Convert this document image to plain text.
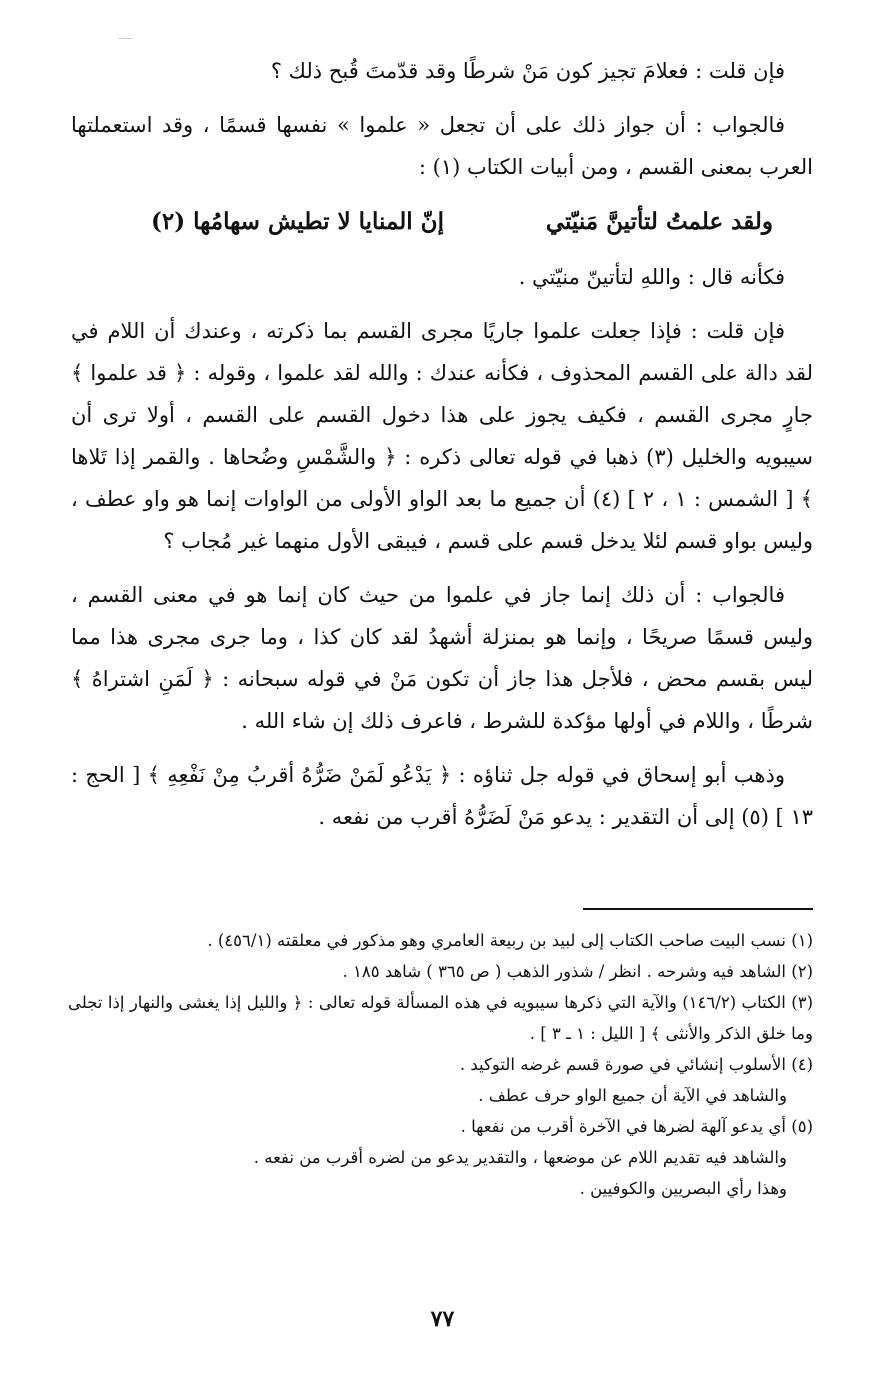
فإن قلت : فعلامَ تجيز كون مَنْ شرطًا وقد قدّمتَ قُبح ذلك ؟

فالجواب : أن جواز ذلك على أن تجعل « علموا » نفسها قسمًا ، وقد استعملتها العرب بمعنى القسم ، ومن أبيات الكتاب (١) :

ولقد علمتُ لتأتينَّ مَنيّتي
إنّ المنايا لا تطيش سهامُها (٢)

فكأنه قال : واللهِ لتأتينّ منيّتي .

فإن قلت : فإذا جعلت علموا جاريًا مجرى القسم بما ذكرته ، وعندك أن اللام في لقد دالة على القسم المحذوف ، فكأنه عندك : والله لقد علموا ، وقوله : ﴿ قد علموا ﴾ جارٍ مجرى القسم ، فكيف يجوز على هذا دخول القسم على القسم ، أولا ترى أن سيبويه والخليل (٣) ذهبا في قوله تعالى ذكره : ﴿ والشَّمْسِ وضُحاها . والقمر إذا تَلاها ﴾ [ الشمس : ١ ، ٢ ] (٤) أن جميع ما بعد الواو الأولى من الواوات إنما هو واو عطف ، وليس بواو قسم لئلا يدخل قسم على قسم ، فيبقى الأول منهما غير مُجاب ؟

فالجواب : أن ذلك إنما جاز في علموا من حيث كان إنما هو في معنى القسم ، وليس قسمًا صريحًا ، وإنما هو بمنزلة أشهدُ لقد كان كذا ، وما جرى مجرى هذا مما ليس بقسم محض ، فلأجل هذا جاز أن تكون مَنْ في قوله سبحانه : ﴿ لَمَنِ اشتراهُ ﴾ شرطًا ، واللام في أولها مؤكدة للشرط ، فاعرف ذلك إن شاء الله .

وذهب أبو إسحاق في قوله جل ثناؤه : ﴿ يَدْعُو لَمَنْ ضَرُّهُ أقربُ مِنْ نَفْعِهِ ﴾ [ الحج : ١٣ ] (٥) إلى أن التقدير : يدعو مَنْ لَضَرُّهُ أقرب من نفعه .

(١) نسب البيت صاحب الكتاب إلى لبيد بن ربيعة العامري وهو مذكور في معلقته (٤٥٦/١) .

(٢) الشاهد فيه وشرحه . انظر / شذور الذهب ( ص ٣٦٥ ) شاهد ١٨٥ .

(٣) الكتاب (١٤٦/٢) والآية التي ذكرها سيبويه في هذه المسألة قوله تعالى : ﴿ والليل إذا يغشى والنهار إذا تجلى وما خلق الذكر والأنثى ﴾ [ الليل : ١ ـ ٣ ] .

(٤) الأسلوب إنشائي في صورة قسم غرضه التوكيد .

والشاهد في الآية أن جميع الواو حرف عطف .

(٥) أي يدعو آلهة لضرها في الآخرة أقرب من نفعها .

والشاهد فيه تقديم اللام عن موضعها ، والتقدير يدعو من لضره أقرب من نفعه .

وهذا رأي البصريين والكوفيين .

٧٧
